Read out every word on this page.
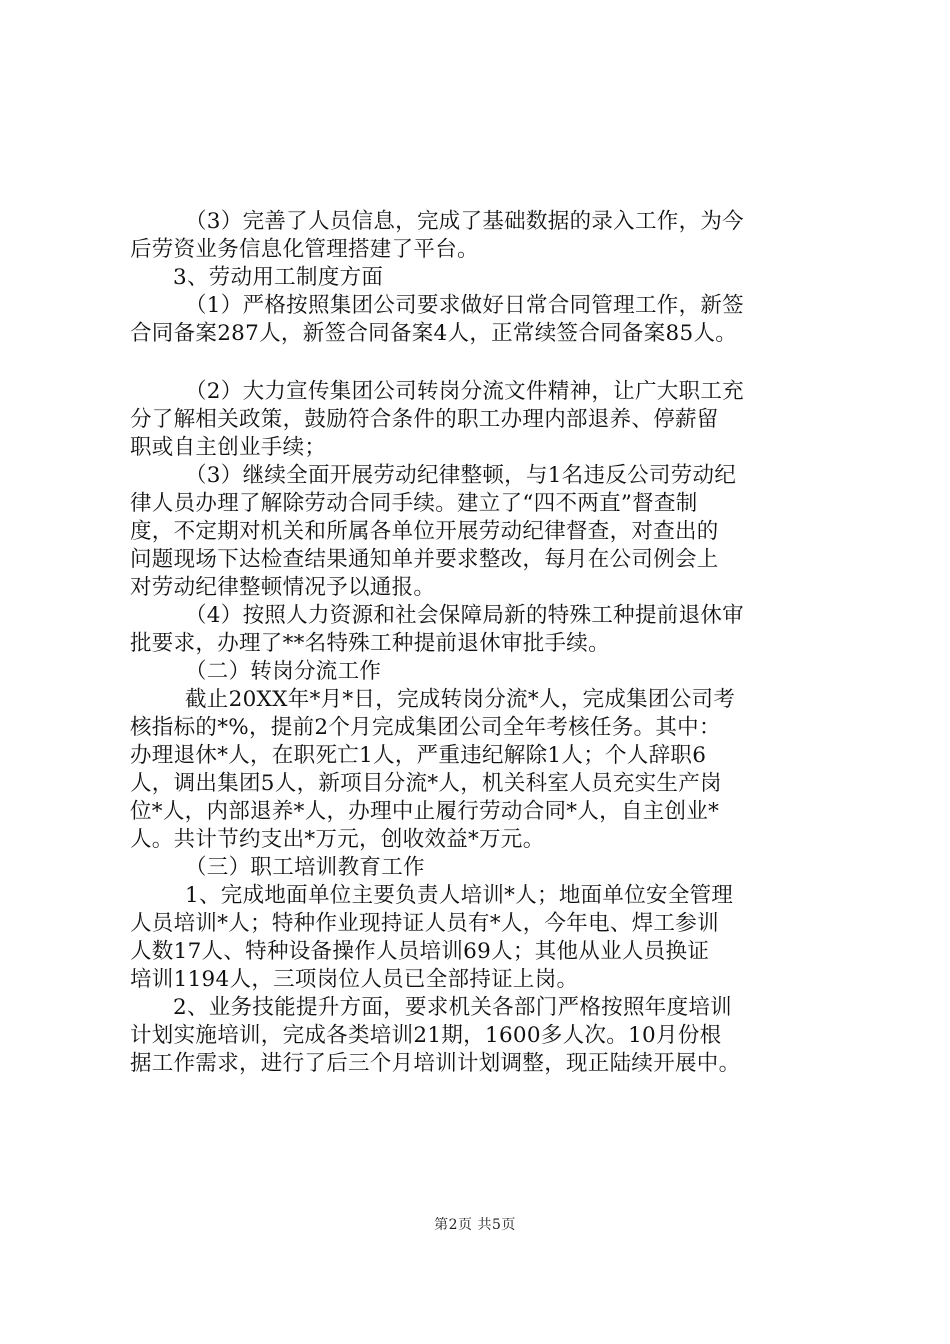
（3）完善了人员信息，完成了基础数据的录入工作，为今
后劳资业务信息化管理搭建了平台。
3、劳动用工制度方面
（1）严格按照集团公司要求做好日常合同管理工作，新签
合同备案287人，新签合同备案4人，正常续签合同备案85人。
（2）大力宣传集团公司转岗分流文件精神，让广大职工充
分了解相关政策，鼓励符合条件的职工办理内部退养、停薪留
职或自主创业手续；
（3）继续全面开展劳动纪律整顿，与1名违反公司劳动纪
律人员办理了解除劳动合同手续。建立了“四不两直”督查制
度，不定期对机关和所属各单位开展劳动纪律督查，对查出的
问题现场下达检查结果通知单并要求整改，每月在公司例会上
对劳动纪律整顿情况予以通报。
（4）按照人力资源和社会保障局新的特殊工种提前退休审
批要求，办理了**名特殊工种提前退休审批手续。
（二）转岗分流工作
截止20XX年*月*日，完成转岗分流*人，完成集团公司考
核指标的*%，提前2个月完成集团公司全年考核任务。其中：
办理退休*人，在职死亡1人，严重违纪解除1人；个人辞职6
人，调出集团5人，新项目分流*人，机关科室人员充实生产岗
位*人，内部退养*人，办理中止履行劳动合同*人，自主创业*
人。共计节约支出*万元，创收效益*万元。
（三）职工培训教育工作
1、完成地面单位主要负责人培训*人；地面单位安全管理
人员培训*人；特种作业现持证人员有*人，今年电、焊工参训
人数17人、特种设备操作人员培训69人；其他从业人员换证
培训1194人，三项岗位人员已全部持证上岗。
2、业务技能提升方面，要求机关各部门严格按照年度培训
计划实施培训，完成各类培训21期，1600多人次。10月份根
据工作需求，进行了后三个月培训计划调整，现正陆续开展中。
第2页 共5页
